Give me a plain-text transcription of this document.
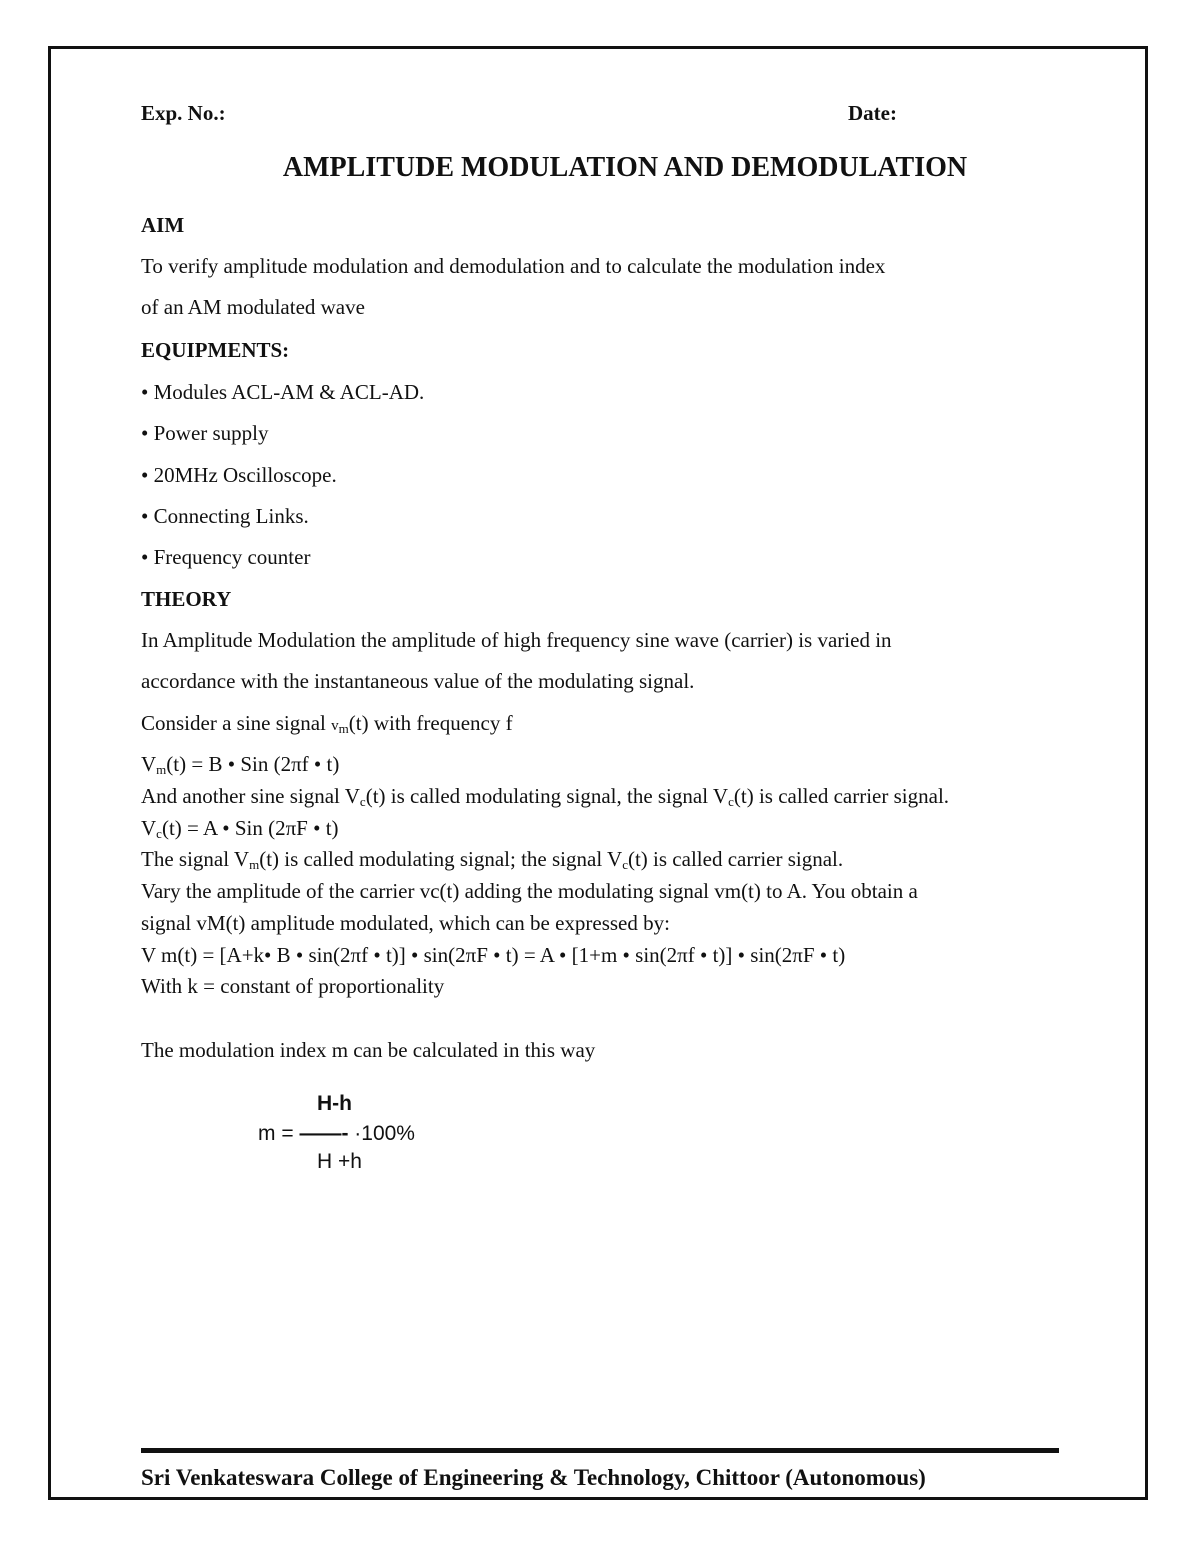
Exp. No.:	Date:
AMPLITUDE MODULATION AND DEMODULATION
AIM
To verify amplitude modulation and demodulation and to calculate the modulation index
of an AM modulated wave
EQUIPMENTS:
• Modules ACL-AM & ACL-AD.
• Power supply
• 20MHz Oscilloscope.
• Connecting Links.
• Frequency counter
THEORY
In Amplitude Modulation the amplitude of high frequency sine wave (carrier) is varied in
accordance with the instantaneous value of the modulating signal.
Consider a sine signal vm(t) with frequency f
Vm(t) = B • Sin (2πf • t)
And another sine signal Vc(t) is called modulating signal, the signal Vc(t) is called carrier signal.
Vc(t) = A • Sin (2πF • t)
The signal Vm(t) is called modulating signal; the signal Vc(t) is called carrier signal.
Vary the amplitude of the carrier vc(t) adding the modulating signal vm(t) to A. You obtain a
signal vM(t) amplitude modulated, which can be expressed by:
V m(t) = [A+k• B • sin(2πf • t)] • sin(2πF • t) = A • [1+m • sin(2πf • t)] • sin(2πF • t)
With k = constant of proportionality
The modulation index m can be calculated in this way
H-h
m = ——- ·100%
H +h
Sri Venkateswara College of Engineering & Technology, Chittoor (Autonomous)
